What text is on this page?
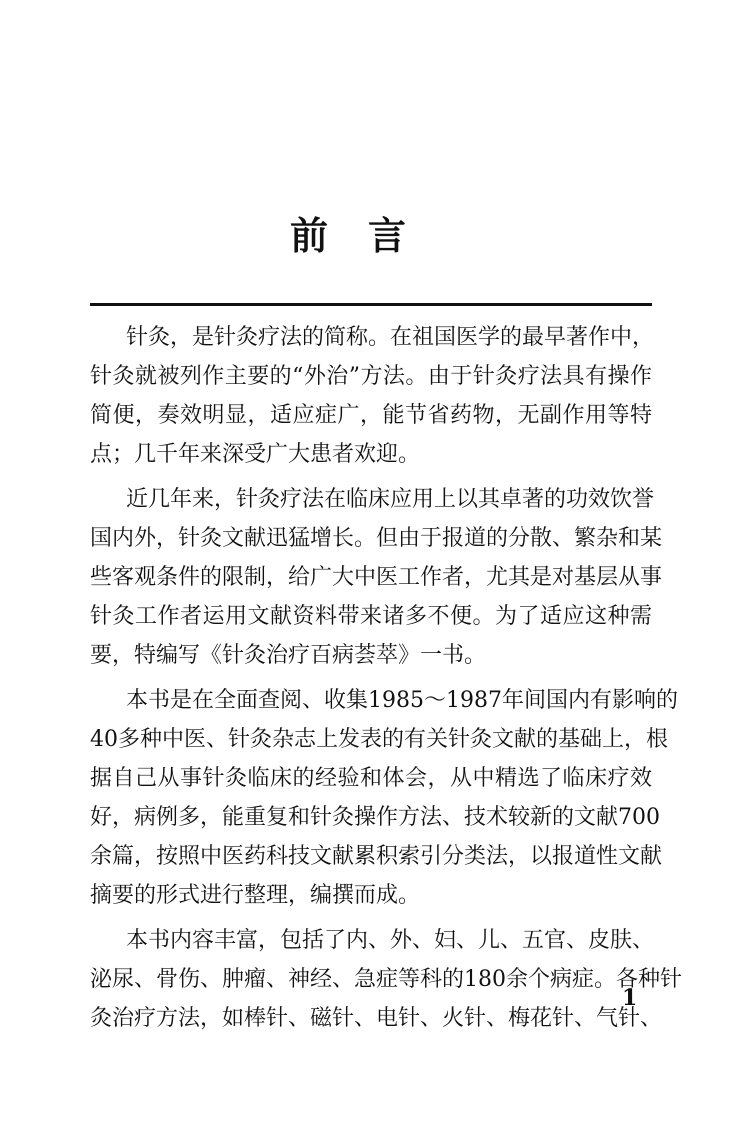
前言
针灸，是针灸疗法的简称。在祖国医学的最早著作中，
针灸就被列作主要的“外治”方法。由于针灸疗法具有操作
简便，奏效明显，适应症广，能节省药物，无副作用等特
点；几千年来深受广大患者欢迎。
近几年来，针灸疗法在临床应用上以其卓著的功效饮誉
国内外，针灸文献迅猛增长。但由于报道的分散、繁杂和某
些客观条件的限制，给广大中医工作者，尤其是对基层从事
针灸工作者运用文献资料带来诸多不便。为了适应这种需
要，特编写《针灸治疗百病荟萃》一书。
本书是在全面查阅、收集1985～1987年间国内有影响的
40多种中医、针灸杂志上发表的有关针灸文献的基础上，根
据自己从事针灸临床的经验和体会，从中精选了临床疗效
好，病例多，能重复和针灸操作方法、技术较新的文献700
余篇，按照中医药科技文献累积索引分类法，以报道性文献
摘要的形式进行整理，编撰而成。
本书内容丰富，包括了内、外、妇、儿、五官、皮肤、
泌尿、骨伤、肿瘤、神经、急症等科的180余个病症。各种针
灸治疗方法，如棒针、磁针、电针、火针、梅花针、气针、
1
